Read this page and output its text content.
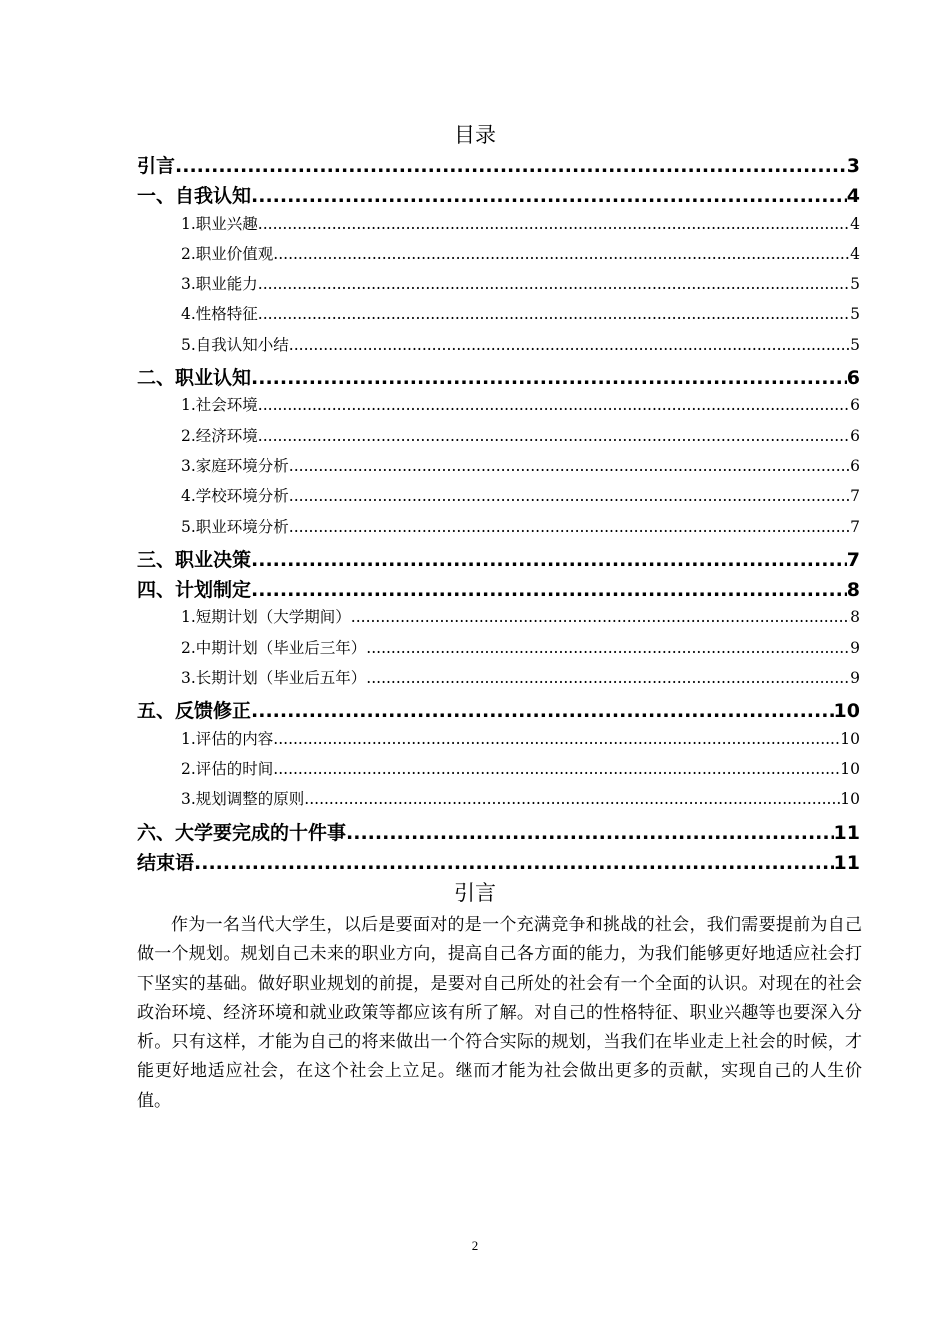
目录
引言 .....	3
一、自我认知 .....	4
1.职业兴趣 .....	4
2.职业价值观 .....	4
3.职业能力 .....	5
4.性格特征 .....	5
5.自我认知小结 .....	5
二、职业认知 .....	6
1.社会环境 .....	6
2.经济环境 .....	6
3.家庭环境分析 .....	6
4.学校环境分析 .....	7
5.职业环境分析 .....	7
三、职业决策 .....	7
四、计划制定 .....	8
1.短期计划（大学期间） .....	8
2.中期计划（毕业后三年） .....	9
3.长期计划（毕业后五年） .....	9
五、反馈修正 .....	10
1.评估的内容 .....	10
2.评估的时间 .....	10
3.规划调整的原则 .....	10
六、大学要完成的十件事 .....	11
结束语 .....	11
引言

作为一名当代大学生，以后是要面对的是一个充满竞争和挑战的社会，我们需要提前为自己做一个规划。规划自己未来的职业方向，提高自己各方面的能力，为我们能够更好地适应社会打下坚实的基础。做好职业规划的前提，是要对自己所处的社会有一个全面的认识。对现在的社会政治环境、经济环境和就业政策等都应该有所了解。对自己的性格特征、职业兴趣等也要深入分析。只有这样，才能为自己的将来做出一个符合实际的规划，当我们在毕业走上社会的时候，才能更好地适应社会，在这个社会上立足。继而才能为社会做出更多的贡献，实现自己的人生价值。

2
